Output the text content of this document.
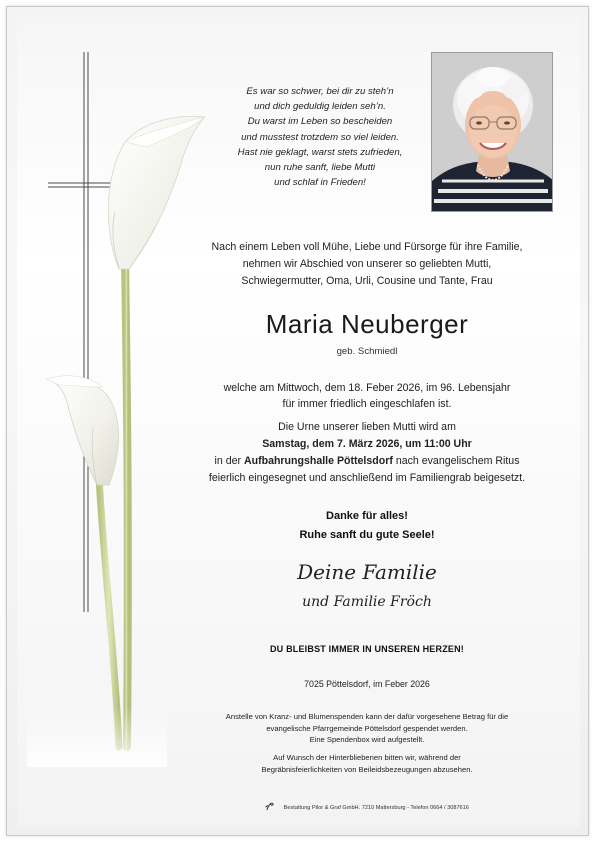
Es war so schwer, bei dir zu steh’n
und dich geduldig leiden seh’n.
Du warst im Leben so bescheiden
und musstest trotzdem so viel leiden.
Hast nie geklagt, warst stets zufrieden,
nun ruhe sanft, liebe Mutti
und schlaf in Frieden!
Nach einem Leben voll Mühe, Liebe und Fürsorge für ihre Familie,
nehmen wir Abschied von unserer so geliebten Mutti,
Schwiegermutter, Oma, Urli, Cousine und Tante, Frau
Maria Neuberger
geb. Schmiedl
welche am Mittwoch, dem 18. Feber 2026, im 96. Lebensjahr
für immer friedlich eingeschlafen ist.
Die Urne unserer lieben Mutti wird am
Samstag, dem 7. März 2026, um 11:00 Uhr
in der Aufbahrungshalle Pöttelsdorf nach evangelischem Ritus
feierlich eingesegnet und anschließend im Familiengrab beigesetzt.
Danke für alles!
Ruhe sanft du gute Seele!
Deine Familie
und Familie Fröch
DU BLEIBST IMMER IN UNSEREN HERZEN!
7025 Pöttelsdorf, im Feber 2026
Anstelle von Kranz- und Blumenspenden kann der dafür vorgesehene Betrag für die
evangelische Pfarrgemeinde Pöttelsdorf gespendet werden.
Eine Spendenbox wird aufgestellt.
Auf Wunsch der Hinterbliebenen bitten wir, während der
Begräbnisfeierlichkeiten von Beileidsbezeugungen abzusehen.
Bestattung Pilor & Graf GmbH. 7210 Mattersburg - Telefon 0664 / 3087616
